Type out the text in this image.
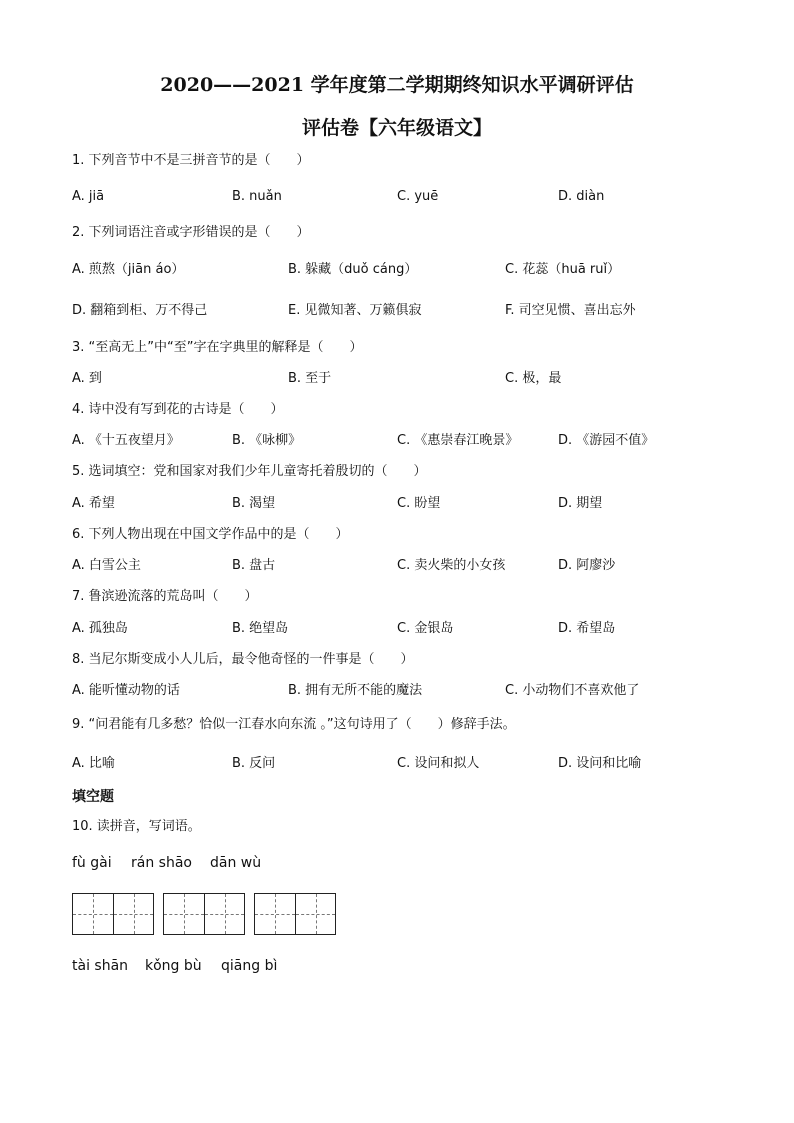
2020——2021 学年度第二学期期终知识水平调研评估
评估卷【六年级语文】
1. 下列音节中不是三拼音节的是（　　）
A. jiā	B. nuǎn	C. yuē	D. diàn
2. 下列词语注音或字形错误的是（　　）
A. 煎熬（jiān áo）	B. 躲藏（duǒ cáng）	C. 花蕊（huā ruǐ）
D. 翻箱到柜、万不得己	E. 见微知著、万籁俱寂	F. 司空见惯、喜出忘外
3. “至高无上”中“至”字在字典里的解释是（　　）
A. 到	B. 至于	C. 极，最
4. 诗中没有写到花的古诗是（　　）
A. 《十五夜望月》	B. 《咏柳》	C. 《惠崇春江晚景》	D. 《游园不值》
5. 选词填空：党和国家对我们少年儿童寄托着殷切的（　　）
A. 希望	B. 渴望	C. 盼望	D. 期望
6. 下列人物出现在中国文学作品中的是（　　）
A. 白雪公主	B. 盘古	C. 卖火柴的小女孩	D. 阿廖沙
7. 鲁滨逊流落的荒岛叫（　　）
A. 孤独岛	B. 绝望岛	C. 金银岛	D. 希望岛
8. 当尼尔斯变成小人儿后，最令他奇怪的一件事是（　　）
A. 能听懂动物的话	B. 拥有无所不能的魔法	C. 小动物们不喜欢他了
9. “问君能有几多愁？恰似一江春水向东流 。”这句诗用了（　　）修辞手法。
A. 比喻	B. 反问	C. 设问和拟人	D. 设问和比喻
填空题
10. 读拼音，写词语。
fù gài rán shāo dān wù
tài shān kǒng bù qiāng bì
